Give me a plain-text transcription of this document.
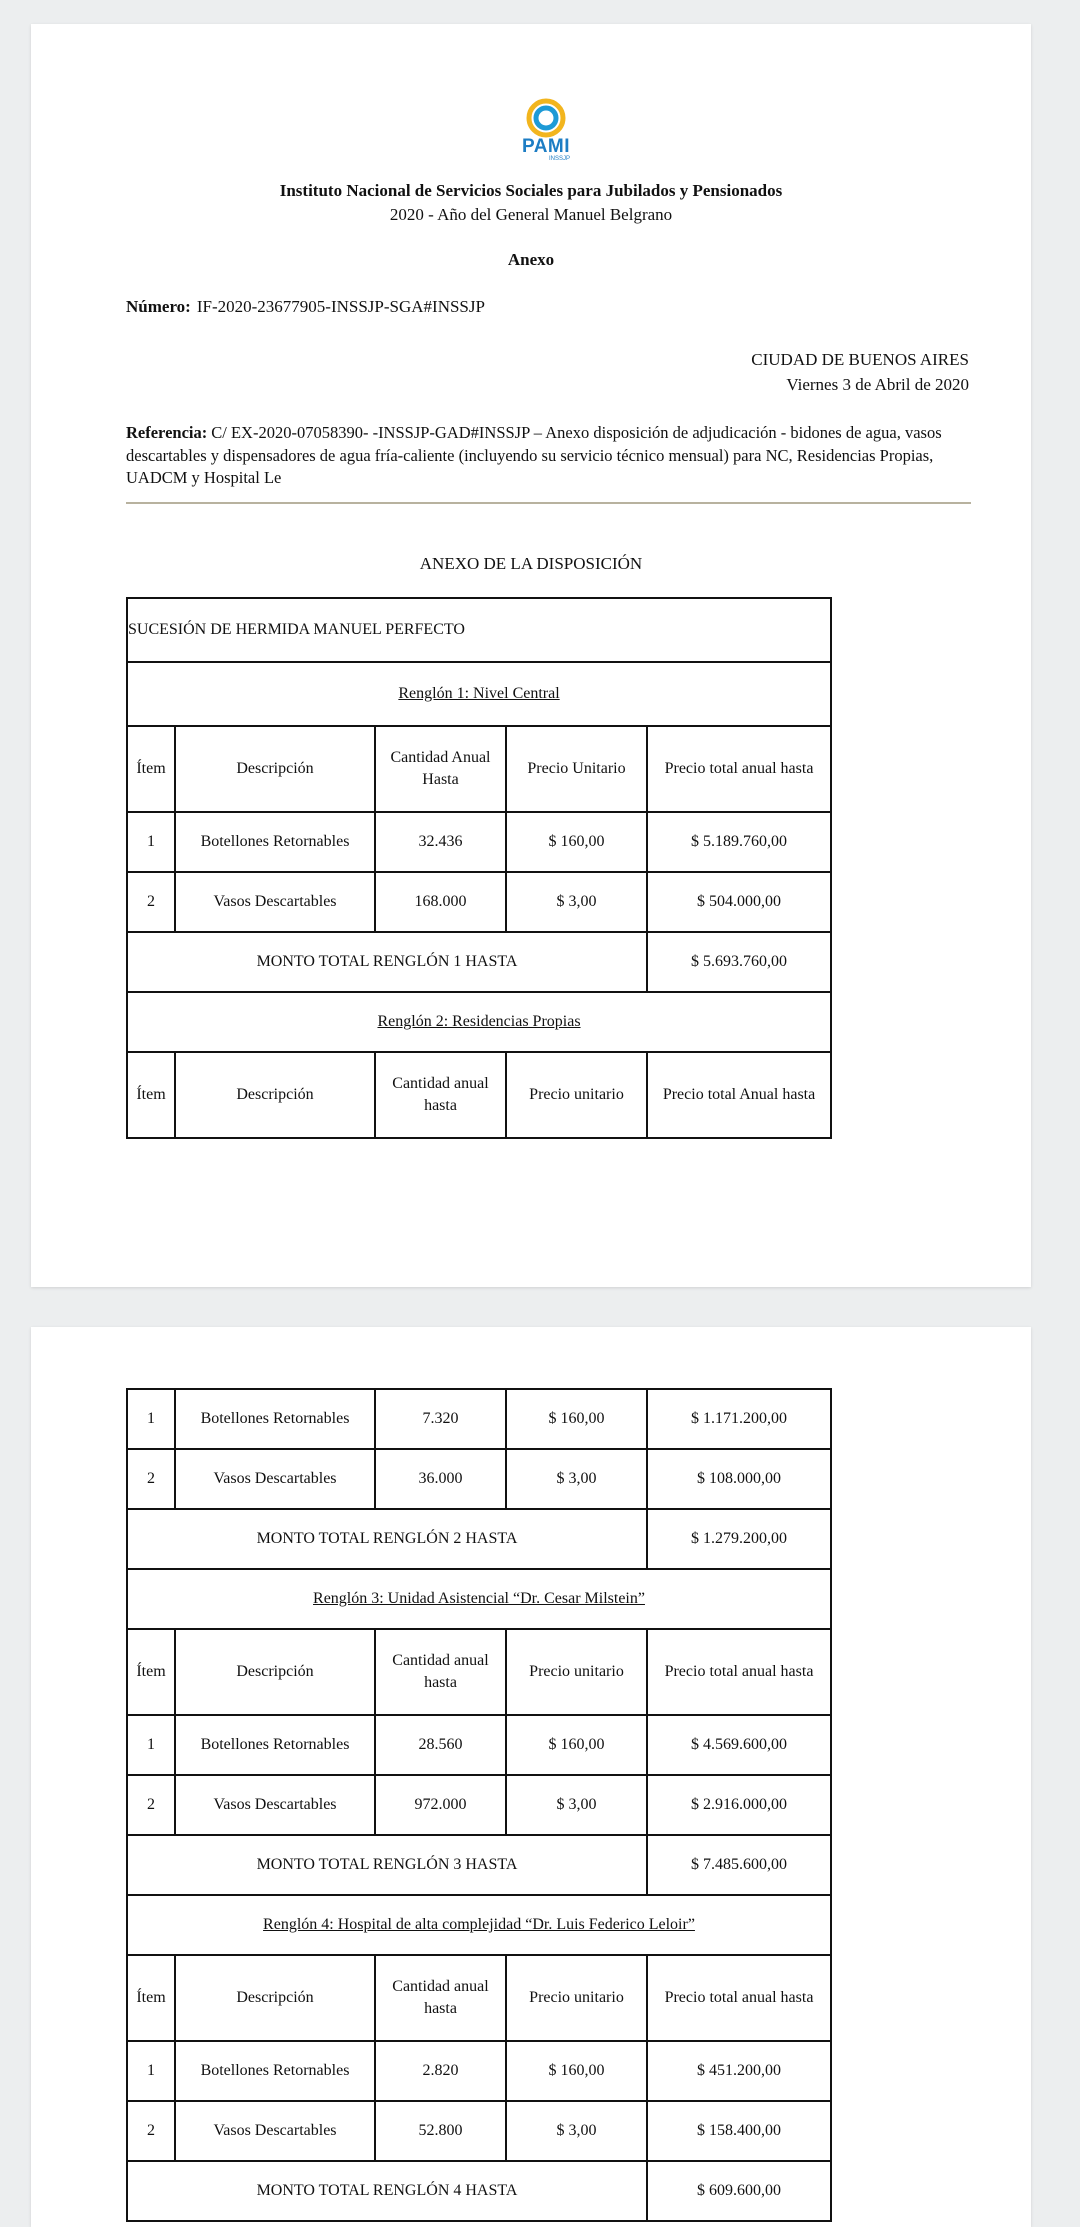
PAMI
INSSJP
Instituto Nacional de Servicios Sociales para Jubilados y Pensionados
2020 - Año del General Manuel Belgrano
Anexo
Número: IF-2020-23677905-INSSJP-SGA#INSSJP
CIUDAD DE BUENOS AIRES
Viernes 3 de Abril de 2020
Referencia: C/ EX-2020-07058390- -INSSJP-GAD#INSSJP – Anexo disposición de adjudicación - bidones de agua, vasos descartables y dispensadores de agua fría-caliente (incluyendo su servicio técnico mensual) para NC, Residencias Propias, UADCM y Hospital Le
ANEXO DE LA DISPOSICIÓN
SUCESIÓN DE HERMIDA MANUEL PERFECTO				
Renglón 1: Nivel Central				
Ítem	Descripción	Cantidad Anual Hasta	Precio Unitario	Precio total anual hasta
1	Botellones Retornables	32.436	$ 160,00	$ 5.189.760,00
2	Vasos Descartables	168.000	$ 3,00	$ 504.000,00
MONTO TOTAL RENGLÓN 1 HASTA				$ 5.693.760,00
Renglón 2: Residencias Propias				
Ítem	Descripción	Cantidad anual hasta	Precio unitario	Precio total Anual hasta
1	Botellones Retornables	7.320	$ 160,00	$ 1.171.200,00
2	Vasos Descartables	36.000	$ 3,00	$ 108.000,00
MONTO TOTAL RENGLÓN 2 HASTA				$ 1.279.200,00
Renglón 3: Unidad Asistencial “Dr. Cesar Milstein”				
Ítem	Descripción	Cantidad anual hasta	Precio unitario	Precio total anual hasta
1	Botellones Retornables	28.560	$ 160,00	$ 4.569.600,00
2	Vasos Descartables	972.000	$ 3,00	$ 2.916.000,00
MONTO TOTAL RENGLÓN 3 HASTA				$ 7.485.600,00
Renglón 4: Hospital de alta complejidad “Dr. Luis Federico Leloir”				
Ítem	Descripción	Cantidad anual hasta	Precio unitario	Precio total anual hasta
1	Botellones Retornables	2.820	$ 160,00	$ 451.200,00
2	Vasos Descartables	52.800	$ 3,00	$ 158.400,00
MONTO TOTAL RENGLÓN 4 HASTA				$ 609.600,00
